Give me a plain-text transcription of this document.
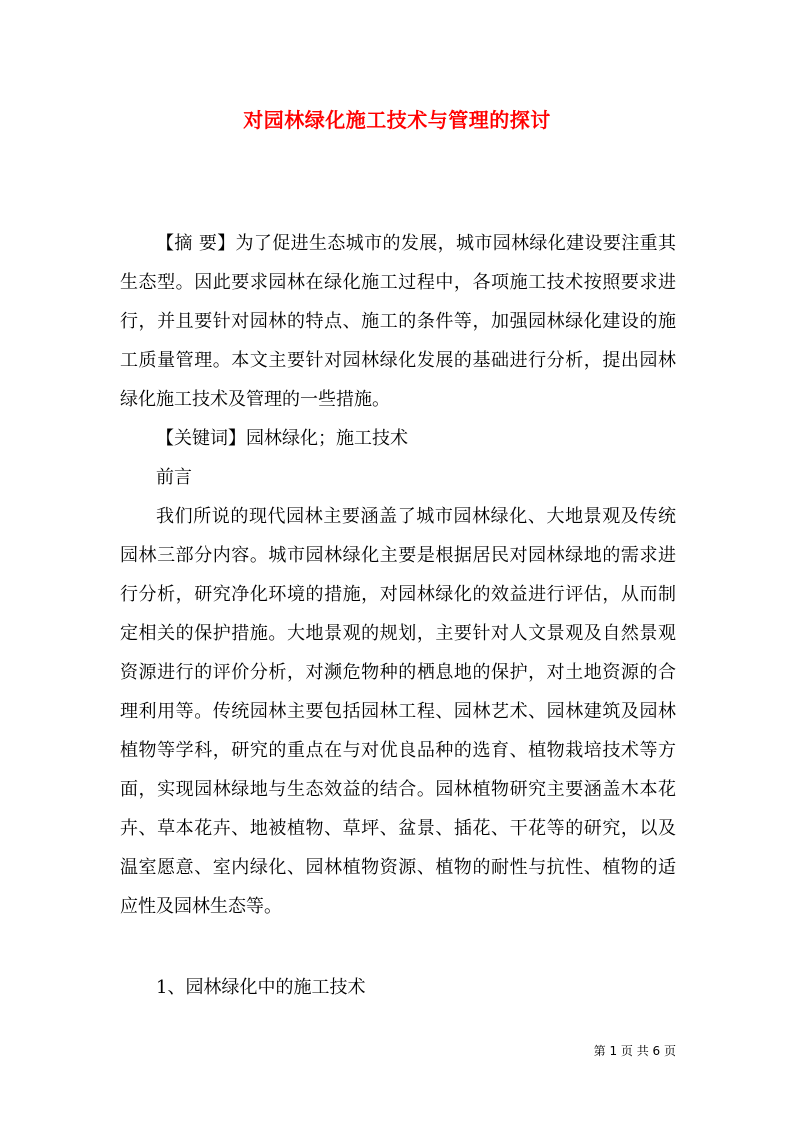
对园林绿化施工技术与管理的探讨

【摘 要】为了促进生态城市的发展，城市园林绿化建设要注重其生态型。因此要求园林在绿化施工过程中，各项施工技术按照要求进行，并且要针对园林的特点、施工的条件等，加强园林绿化建设的施工质量管理。本文主要针对园林绿化发展的基础进行分析，提出园林绿化施工技术及管理的一些措施。

【关键词】园林绿化；施工技术

前言

我们所说的现代园林主要涵盖了城市园林绿化、大地景观及传统园林三部分内容。城市园林绿化主要是根据居民对园林绿地的需求进行分析，研究净化环境的措施，对园林绿化的效益进行评估，从而制定相关的保护措施。大地景观的规划，主要针对人文景观及自然景观资源进行的评价分析，对濒危物种的栖息地的保护，对土地资源的合理利用等。传统园林主要包括园林工程、园林艺术、园林建筑及园林植物等学科，研究的重点在与对优良品种的选育、植物栽培技术等方面，实现园林绿地与生态效益的结合。园林植物研究主要涵盖木本花卉、草本花卉、地被植物、草坪、盆景、插花、干花等的研究，以及温室愿意、室内绿化、园林植物资源、植物的耐性与抗性、植物的适应性及园林生态等。

1、园林绿化中的施工技术

第 1 页 共 6 页
